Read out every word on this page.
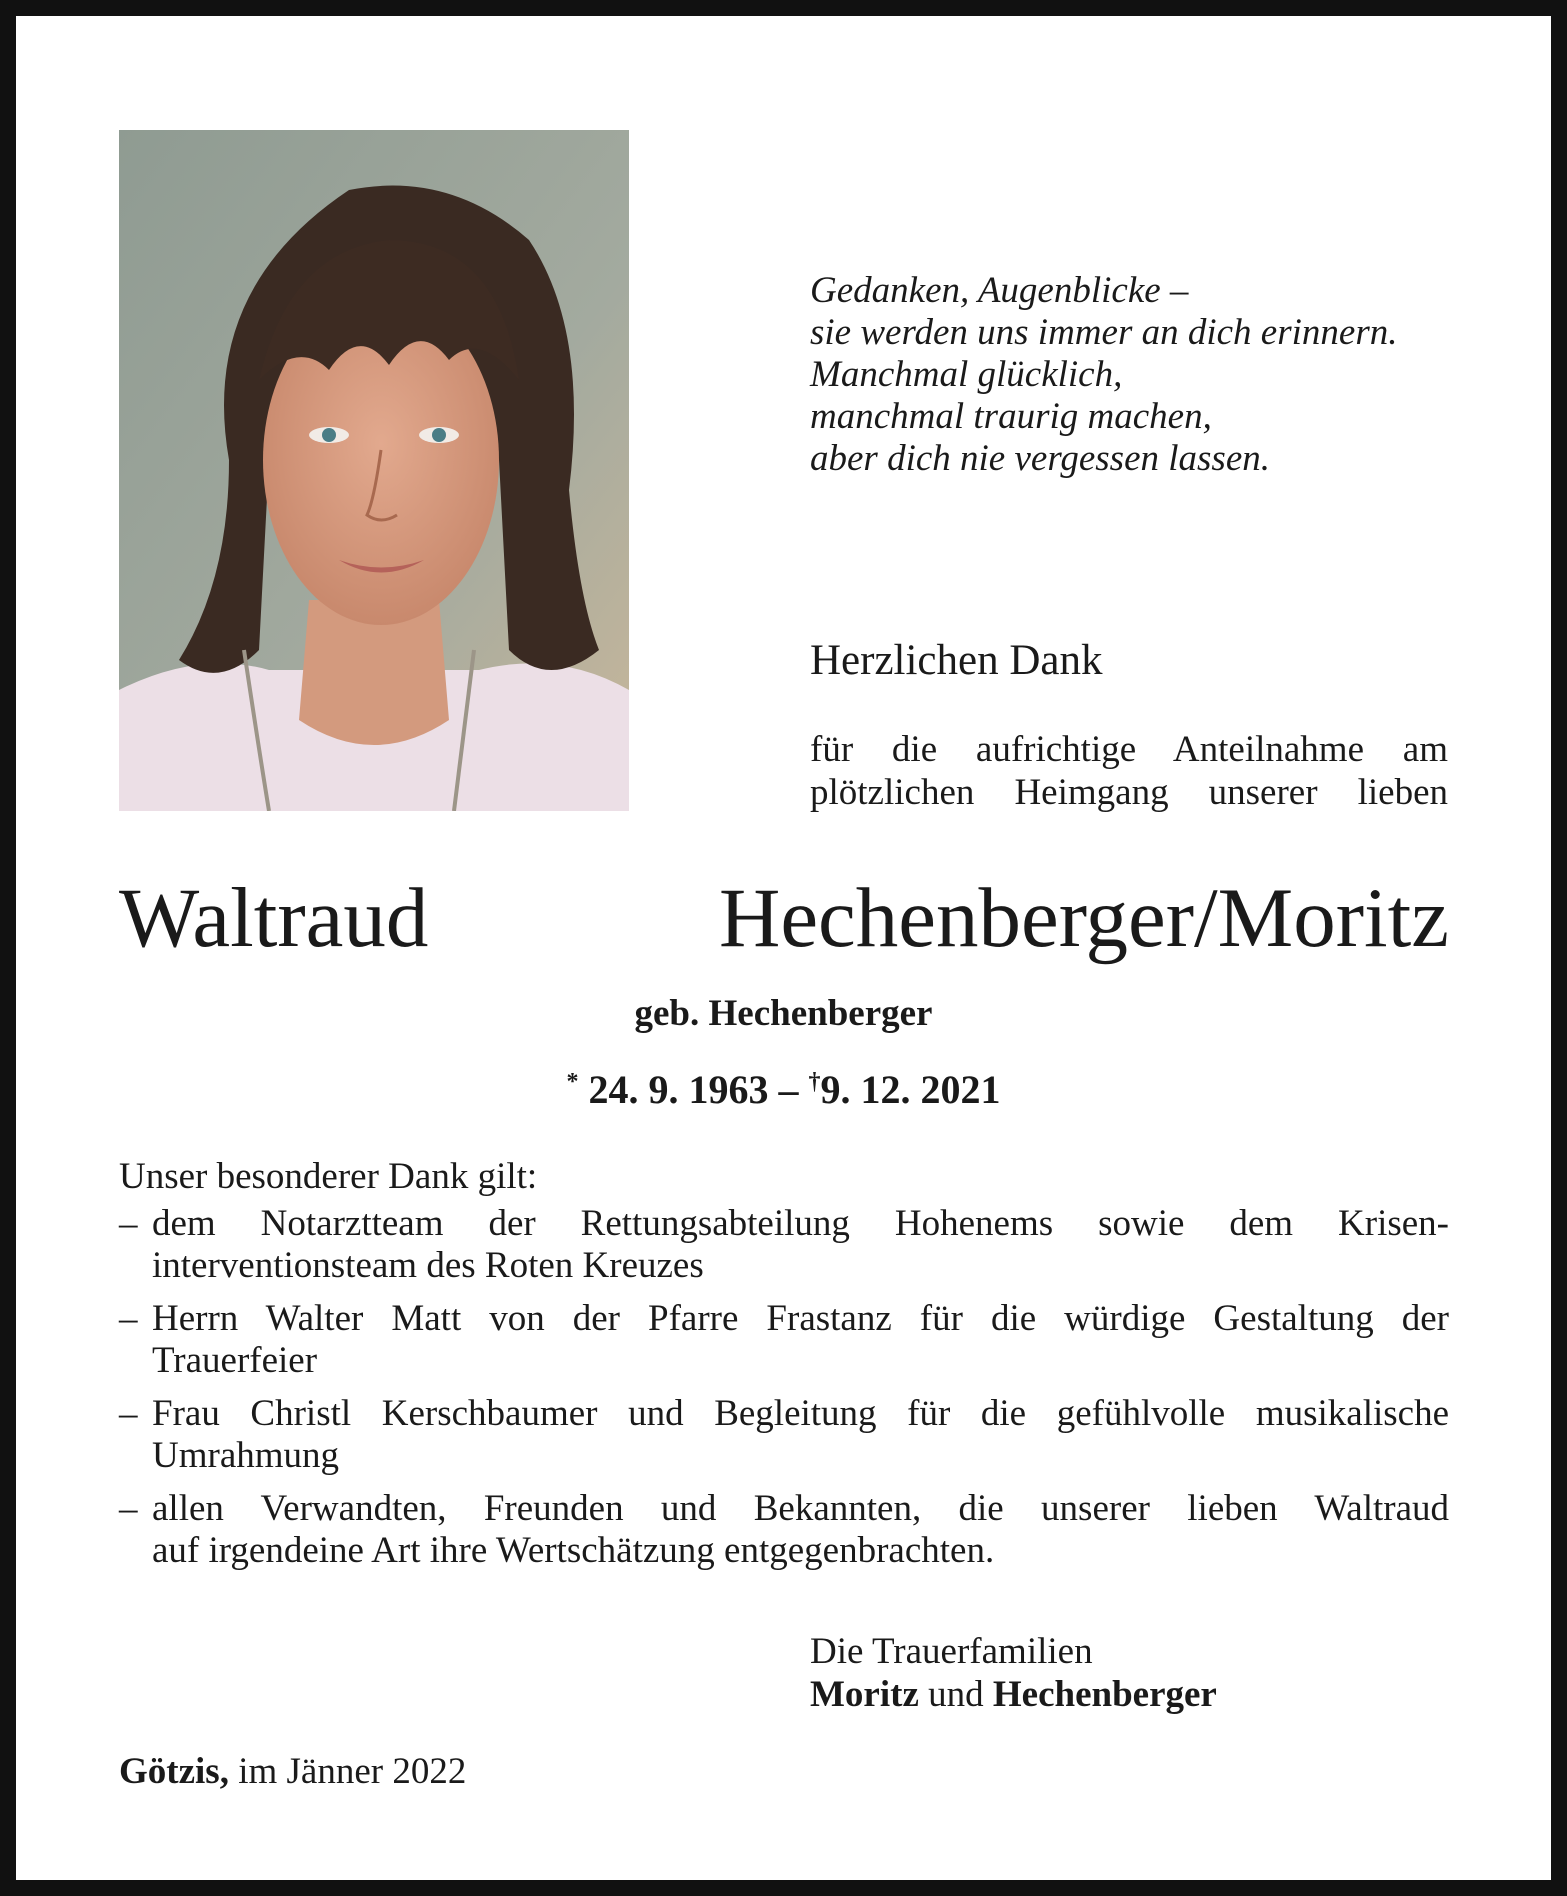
Gedanken, Augenblicke –
sie werden uns immer an dich erinnern.
Manchmal glücklich,
manchmal traurig machen,
aber dich nie vergessen lassen.
Herzlichen Dank
für die aufrichtige Anteilnahme am
plötzlichen Heimgang unserer lieben
Waltraud Hechenberger/Moritz
geb. Hechenberger
* 24. 9. 1963 – †9. 12. 2021
Unser besonderer Dank gilt:
– dem Notarztteam der Rettungsabteilung Hohenems sowie dem Krisen-
interventionsteam des Roten Kreuzes
– Herrn Walter Matt von der Pfarre Frastanz für die würdige Gestaltung der
Trauerfeier
– Frau Christl Kerschbaumer und Begleitung für die gefühlvolle musikalische
Umrahmung
– allen Verwandten, Freunden und Bekannten, die unserer lieben Waltraud
auf irgendeine Art ihre Wertschätzung entgegenbrachten.
Die Trauerfamilien
Moritz und Hechenberger
Götzis, im Jänner 2022
